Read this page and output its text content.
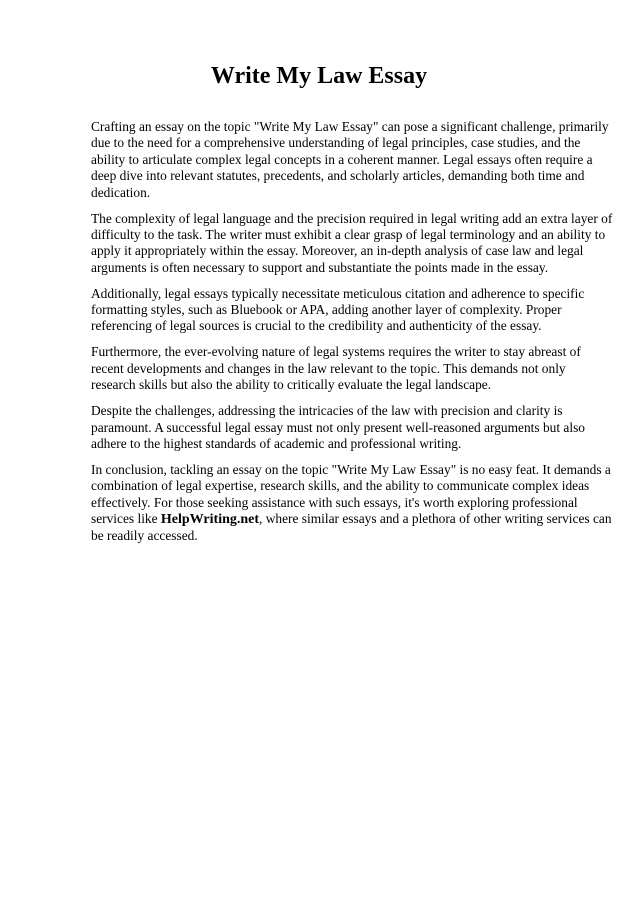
Write My Law Essay

Crafting an essay on the topic "Write My Law Essay" can pose a significant challenge, primarily
due to the need for a comprehensive understanding of legal principles, case studies, and the
ability to articulate complex legal concepts in a coherent manner. Legal essays often require a
deep dive into relevant statutes, precedents, and scholarly articles, demanding both time and
dedication.

The complexity of legal language and the precision required in legal writing add an extra layer of
difficulty to the task. The writer must exhibit a clear grasp of legal terminology and an ability to
apply it appropriately within the essay. Moreover, an in-depth analysis of case law and legal
arguments is often necessary to support and substantiate the points made in the essay.

Additionally, legal essays typically necessitate meticulous citation and adherence to specific
formatting styles, such as Bluebook or APA, adding another layer of complexity. Proper
referencing of legal sources is crucial to the credibility and authenticity of the essay.

Furthermore, the ever-evolving nature of legal systems requires the writer to stay abreast of
recent developments and changes in the law relevant to the topic. This demands not only
research skills but also the ability to critically evaluate the legal landscape.

Despite the challenges, addressing the intricacies of the law with precision and clarity is
paramount. A successful legal essay must not only present well-reasoned arguments but also
adhere to the highest standards of academic and professional writing.

In conclusion, tackling an essay on the topic "Write My Law Essay" is no easy feat. It demands a
combination of legal expertise, research skills, and the ability to communicate complex ideas
effectively. For those seeking assistance with such essays, it's worth exploring professional
services like HelpWriting.net, where similar essays and a plethora of other writing services can
be readily accessed.
